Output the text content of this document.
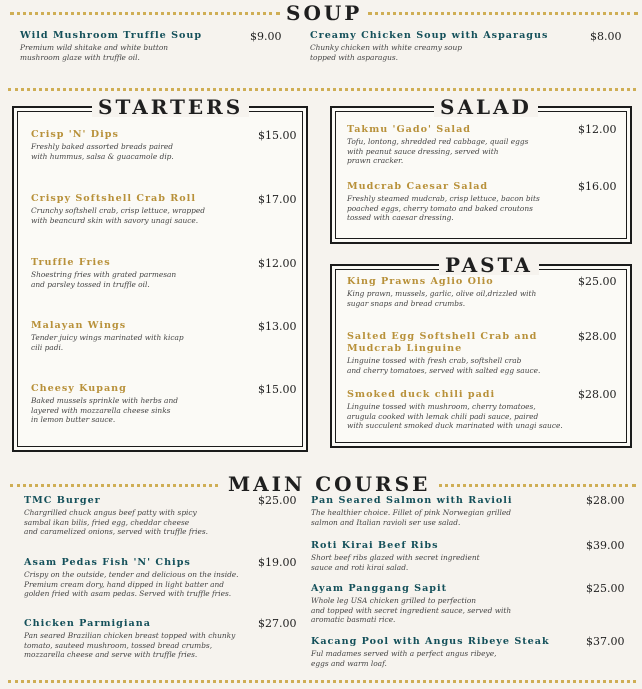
SOUP
Wild Mushroom Truffle Soup
Premium wild shitake and white button
mushroom glaze with truffle oil.
$9.00	Creamy Chicken Soup with Asparagus
Chunky chicken with white creamy soup
topped with asparagus.
$8.00
STARTERS
Crisp 'N' Dips
Freshly baked assorted breads paired
with hummus, salsa & guacamole dip.
$15.00
Crispy Softshell Crab Roll
Crunchy softshell crab, crisp lettuce, wrapped
with beancurd skin with savory unagi sauce.
$17.00
Truffle Fries
Shoestring fries with grated parmesan
and parsley tossed in truffle oil.
$12.00
Malayan Wings
Tender juicy wings marinated with kicap
cili padi.
$13.00
Cheesy Kupang
Baked mussels sprinkle with herbs and
layered with mozzarella cheese sinks
in lemon butter sauce.
$15.00
SALAD
Takmu 'Gado' Salad
Tofu, lontong, shredded red cabbage, quail eggs
with peanut sauce dressing, served with
prawn cracker.
$12.00
Mudcrab Caesar Salad
Freshly steamed mudcrab, crisp lettuce, bacon bits
poached eggs, cherry tomato and baked croutons
tossed with caesar dressing.
$16.00
PASTA
King Prawns Aglio Olio
King prawn, mussels, garlic, olive oil,drizzled with
sugar snaps and bread crumbs.
$25.00
Salted Egg Softshell Crab and
Mudcrab Linguine
Linguine tossed with fresh crab, softshell crab
and cherry tomatoes, served with salted egg sauce.
$28.00
Smoked duck chili padi
Linguine tossed with mushroom, cherry tomatoes,
arugula cooked with lemak chili padi sauce, paired
with succulent smoked duck marinated with unagi sauce.
$28.00
MAIN COURSE
TMC Burger
Chargrilled chuck angus beef patty with spicy
sambal ikan bilis, fried egg, cheddar cheese
and caramelized onions, served with truffle fries.
$25.00
Asam Pedas Fish 'N' Chips
Crispy on the outside, tender and delicious on the inside.
Premium cream dory, hand dipped in light batter and
golden fried with asam pedas. Served with truffle fries.
$19.00
Chicken Parmigiana
Pan seared Brazilian chicken breast topped with chunky
tomato, sauteed mushroom, tossed bread crumbs,
mozzarella cheese and serve with truffle fries.
$27.00
Pan Seared Salmon with Ravioli
The healthier choice. Fillet of pink Norwegian grilled
salmon and Italian ravioli ser use salad.
$28.00
Roti Kirai Beef Ribs
Short beef ribs glazed with secret ingredient
sauce and roti kirai salad.
$39.00
Ayam Panggang Sapit
Whole leg USA chicken grilled to perfection
and topped with secret ingredient sauce, served with
aromatic basmati rice.
$25.00
Kacang Pool with Angus Ribeye Steak
Ful madames served with a perfect angus ribeye,
eggs and warm loaf.
$37.00
